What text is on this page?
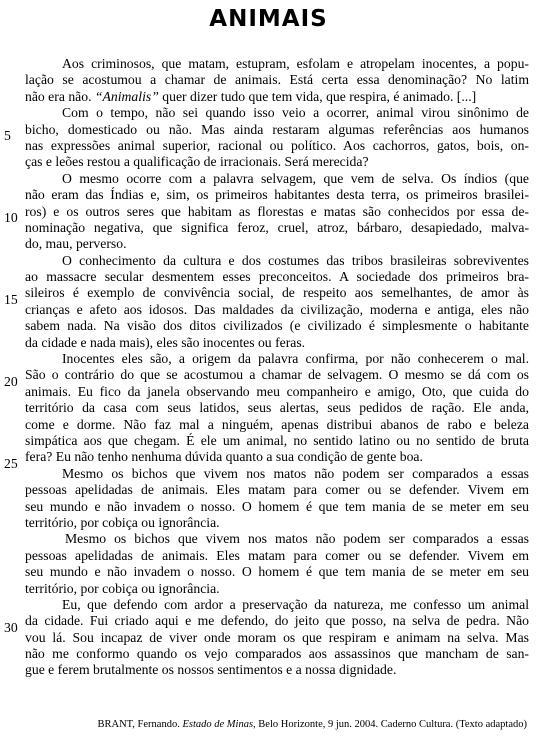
ANIMAIS
5
10
15
20
25
30
Aos criminosos, que matam, estupram, esfolam e atropelam inocentes, a popu-
lação se acostumou a chamar de animais. Está certa essa denominação? No latim
não era não. “Animalis” quer dizer tudo que tem vida, que respira, é animado. [...]
Com o tempo, não sei quando isso veio a ocorrer, animal virou sinônimo de
bicho, domesticado ou não. Mas ainda restaram algumas referências aos humanos
nas expressões animal superior, racional ou político. Aos cachorros, gatos, bois, on-
ças e leões restou a qualificação de irracionais. Será merecida?
O mesmo ocorre com a palavra selvagem, que vem de selva. Os índios (que
não eram das Índias e, sim, os primeiros habitantes desta terra, os primeiros brasilei-
ros) e os outros seres que habitam as florestas e matas são conhecidos por essa de-
nominação negativa, que significa feroz, cruel, atroz, bárbaro, desapiedado, malva-
do, mau, perverso.
O conhecimento da cultura e dos costumes das tribos brasileiras sobreviventes
ao massacre secular desmentem esses preconceitos. A sociedade dos primeiros bra-
sileiros é exemplo de convivência social, de respeito aos semelhantes, de amor às
crianças e afeto aos idosos. Das maldades da civilização, moderna e antiga, eles não
sabem nada. Na visão dos ditos civilizados (e civilizado é simplesmente o habitante
da cidade e nada mais), eles são inocentes ou feras.
Inocentes eles são, a origem da palavra confirma, por não conhecerem o mal.
São o contrário do que se acostumou a chamar de selvagem. O mesmo se dá com os
animais. Eu fico da janela observando meu companheiro e amigo, Oto, que cuida do
território da casa com seus latidos, seus alertas, seus pedidos de ração. Ele anda,
come e dorme. Não faz mal a ninguém, apenas distribui abanos de rabo e beleza
simpática aos que chegam. É ele um animal, no sentido latino ou no sentido de bruta
fera? Eu não tenho nenhuma dúvida quanto a sua condição de gente boa.
Mesmo os bichos que vivem nos matos não podem ser comparados a essas
pessoas apelidadas de animais. Eles matam para comer ou se defender. Vivem em
seu mundo e não invadem o nosso. O homem é que tem mania de se meter em seu
território, por cobiça ou ignorância.
Mesmo os bichos que vivem nos matos não podem ser comparados a essas
pessoas apelidadas de animais. Eles matam para comer ou se defender. Vivem em
seu mundo e não invadem o nosso. O homem é que tem mania de se meter em seu
território, por cobiça ou ignorância.
Eu, que defendo com ardor a preservação da natureza, me confesso um animal
da cidade. Fui criado aqui e me defendo, do jeito que posso, na selva de pedra. Não
vou lá. Sou incapaz de viver onde moram os que respiram e animam na selva. Mas
não me conformo quando os vejo comparados aos assassinos que mancham de san-
gue e ferem brutalmente os nossos sentimentos e a nossa dignidade.
BRANT, Fernando. Estado de Minas, Belo Horizonte, 9 jun. 2004. Caderno Cultura. (Texto adaptado)
